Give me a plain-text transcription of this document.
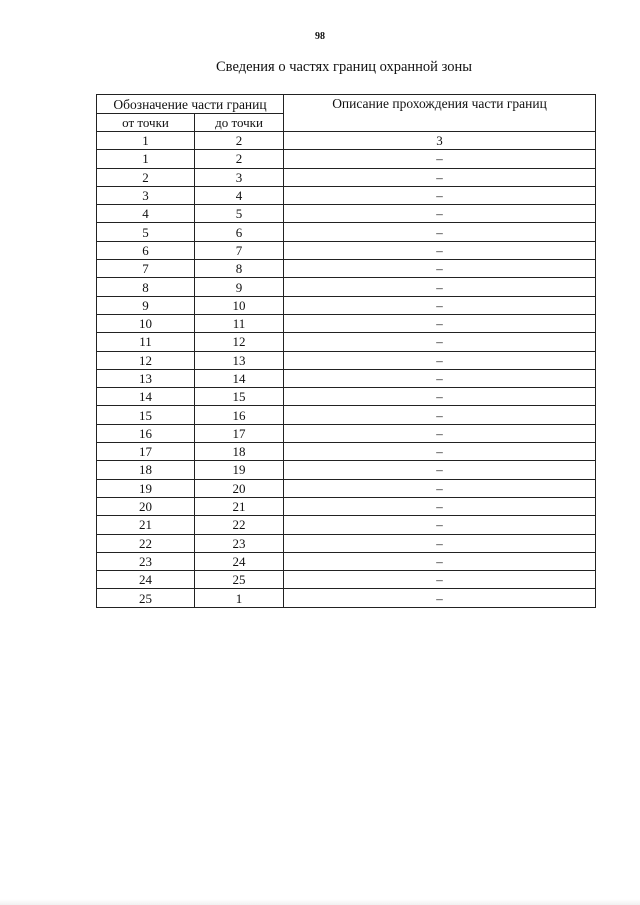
98
Сведения о частях границ охранной зоны
Обозначение части границ		Описание прохождения части границ
от точки	до точки	
1	2	3
1	2	–
2	3	–
3	4	–
4	5	–
5	6	–
6	7	–
7	8	–
8	9	–
9	10	–
10	11	–
11	12	–
12	13	–
13	14	–
14	15	–
15	16	–
16	17	–
17	18	–
18	19	–
19	20	–
20	21	–
21	22	–
22	23	–
23	24	–
24	25	–
25	1	–
